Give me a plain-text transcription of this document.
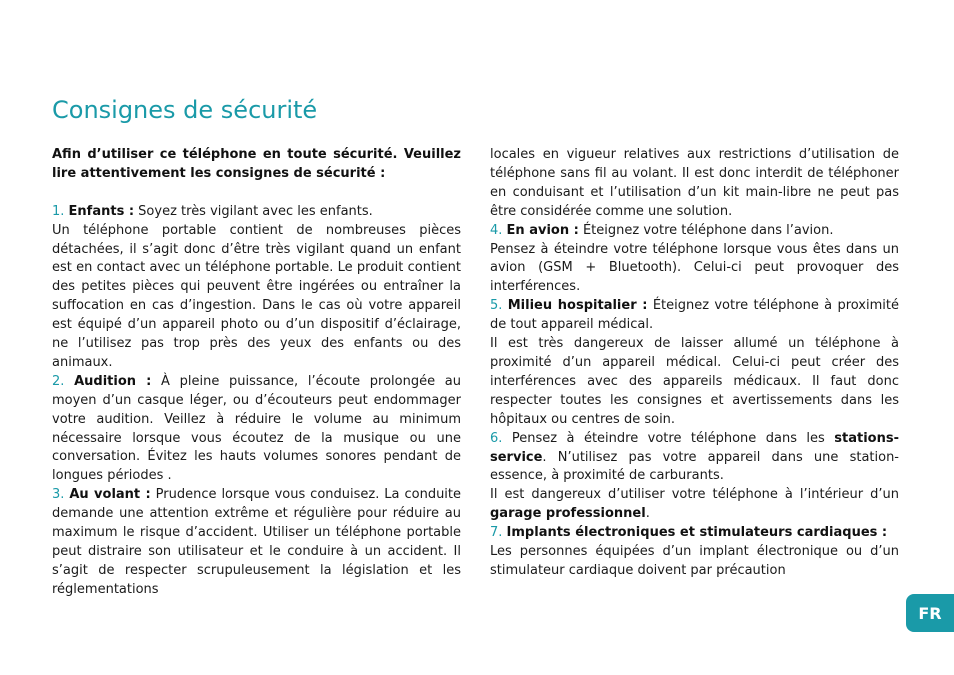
Consignes de sécurité

Afin d’utiliser ce téléphone en toute sécurité. Veuillez lire attentivement les consignes de sécurité :

1. Enfants : Soyez très vigilant avec les enfants.

Un téléphone portable contient de nombreuses pièces détachées, il s’agit donc d’être très vigilant quand un enfant est en contact avec un téléphone portable. Le produit contient des petites pièces qui peuvent être ingérées ou entraîner la suffocation en cas d’ingestion. Dans le cas où votre appareil est équipé d’un appareil photo ou d’un dispositif d’éclairage, ne l’utilisez pas trop près des yeux des enfants ou des animaux.

2. Audition : À pleine puissance, l’écoute prolongée au moyen d’un casque léger, ou d’écouteurs peut endommager votre audition. Veillez à réduire le volume au minimum nécessaire lorsque vous écoutez de la musique ou une conversation. Évitez les hauts volumes sonores pendant de longues périodes .

3. Au volant : Prudence lorsque vous conduisez. La conduite demande une attention extrême et régulière pour réduire au maximum le risque d’accident. Utiliser un téléphone portable peut distraire son utilisateur et le conduire à un accident. Il s’agit de respecter scrupuleusement la législation et les réglementations

locales en vigueur relatives aux restrictions d’utilisation de téléphone sans fil au volant. Il est donc interdit de téléphoner en conduisant et l’utilisation d’un kit main-libre ne peut pas être considérée comme une solution.

4. En avion : Éteignez votre téléphone dans l’avion.

Pensez à éteindre votre téléphone lorsque vous êtes dans un avion (GSM + Bluetooth). Celui-ci peut provoquer des interférences.

5. Milieu hospitalier : Éteignez votre téléphone à proximité de tout appareil médical.

Il est très dangereux de laisser allumé un téléphone à proximité d’un appareil médical. Celui-ci peut créer des interférences avec des appareils médicaux. Il faut donc respecter toutes les consignes et avertissements dans les hôpitaux ou centres de soin.

6. Pensez à éteindre votre téléphone dans les stations-service. N’utilisez pas votre appareil dans une station-essence, à proximité de carburants.

Il est dangereux d’utiliser votre téléphone à l’intérieur d’un garage professionnel.

7. Implants électroniques et stimulateurs cardiaques :

Les personnes équipées d’un implant électronique ou d’un stimulateur cardiaque doivent par précaution

FR
